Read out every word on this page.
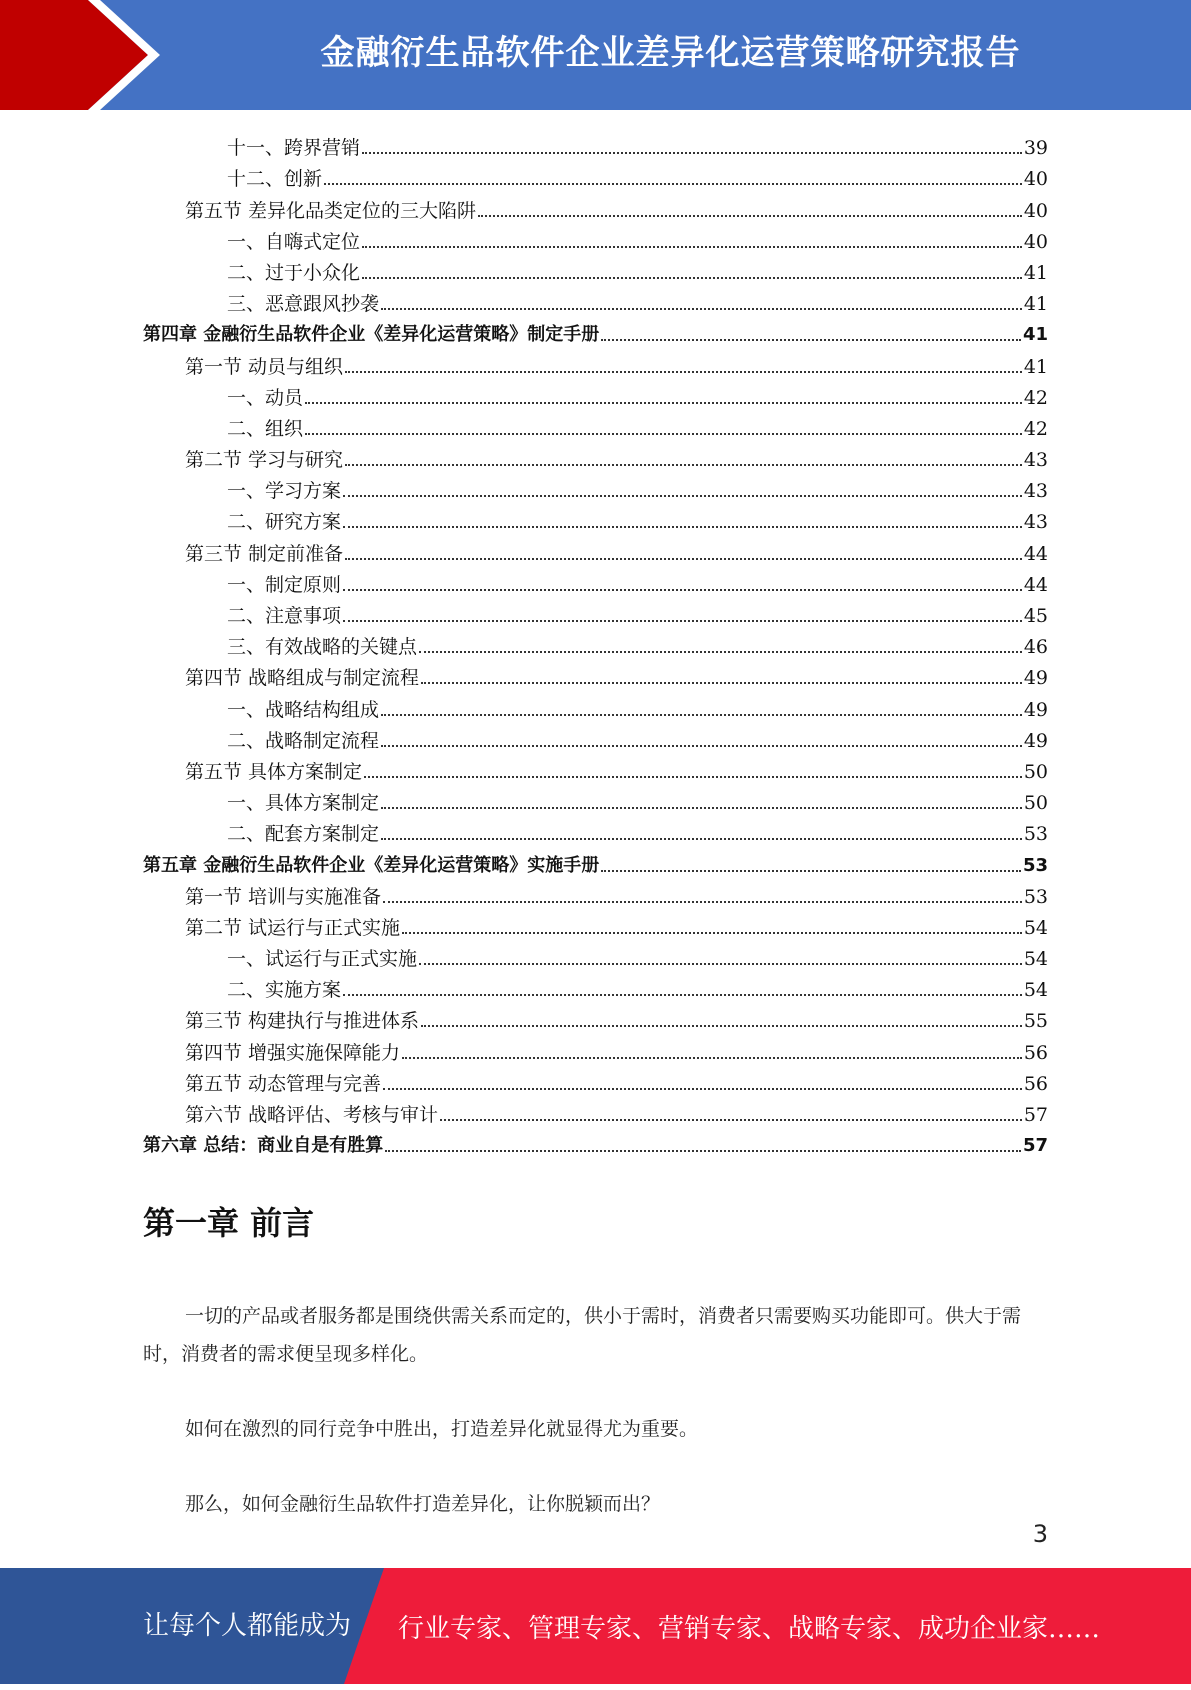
金融衍生品软件企业差异化运营策略研究报告
十一、跨界营销	39
十二、创新	40
第五节 差异化品类定位的三大陷阱	40
一、自嗨式定位	40
二、过于小众化	41
三、恶意跟风抄袭	41
第四章 金融衍生品软件企业《差异化运营策略》制定手册	41
第一节 动员与组织	41
一、动员	42
二、组织	42
第二节 学习与研究	43
一、学习方案	43
二、研究方案	43
第三节 制定前准备	44
一、制定原则	44
二、注意事项	45
三、有效战略的关键点	46
第四节 战略组成与制定流程	49
一、战略结构组成	49
二、战略制定流程	49
第五节 具体方案制定	50
一、具体方案制定	50
二、配套方案制定	53
第五章 金融衍生品软件企业《差异化运营策略》实施手册	53
第一节 培训与实施准备	53
第二节 试运行与正式实施	54
一、试运行与正式实施	54
二、实施方案	54
第三节 构建执行与推进体系	55
第四节 增强实施保障能力	56
第五节 动态管理与完善	56
第六节 战略评估、考核与审计	57
第六章 总结：商业自是有胜算	57
第一章 前言
一切的产品或者服务都是围绕供需关系而定的，供小于需时，消费者只需要购买功能即可。供大于需时，消费者的需求便呈现多样化。
如何在激烈的同行竞争中胜出，打造差异化就显得尤为重要。
那么，如何金融衍生品软件打造差异化，让你脱颖而出？
3
让每个人都能成为 行业专家、管理专家、营销专家、战略专家、成功企业家……
